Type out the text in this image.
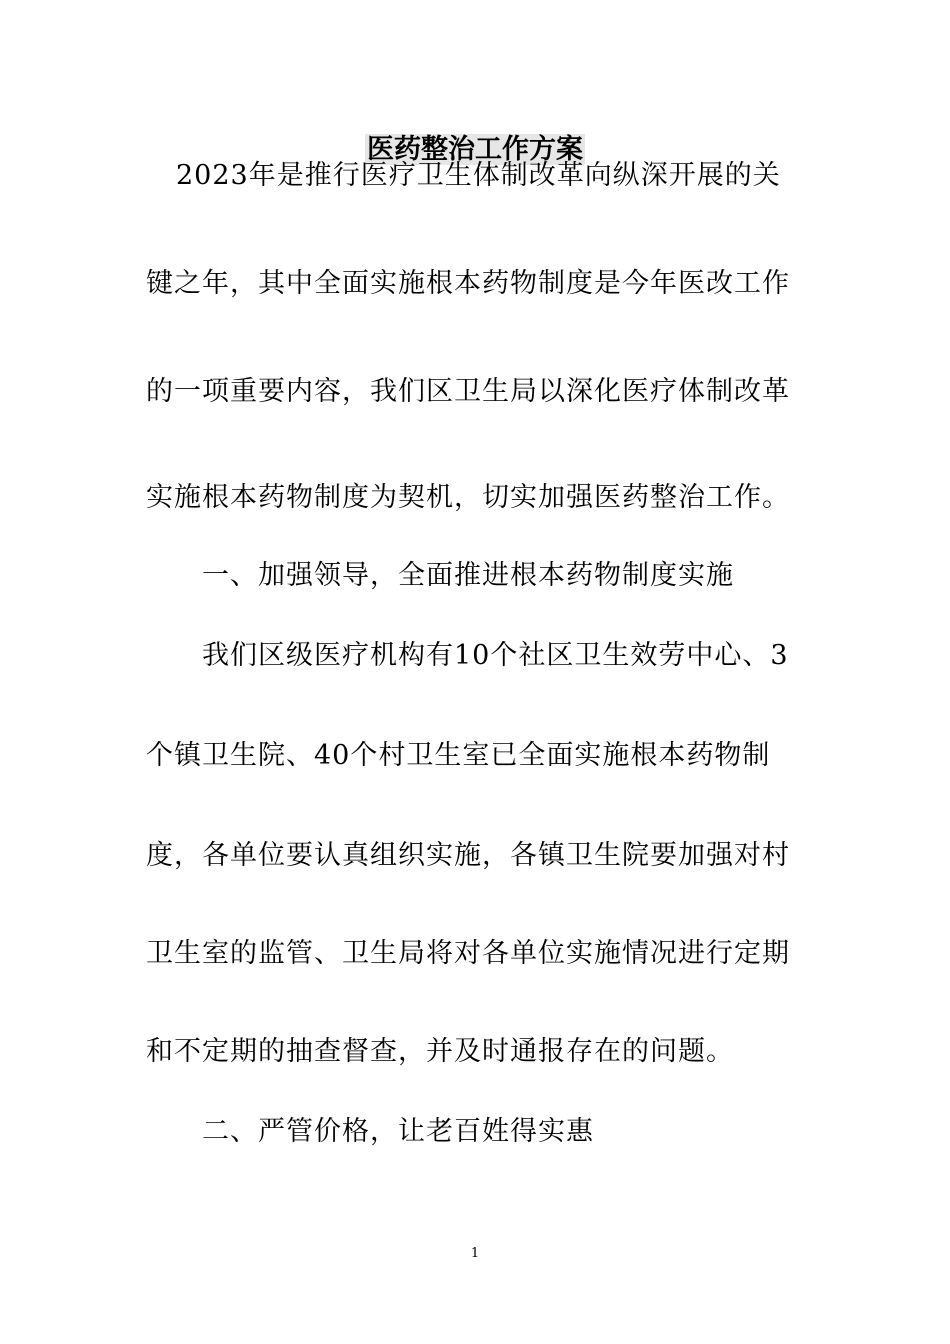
医药整治工作方案
2023年是推行医疗卫生体制改革向纵深开展的关
键之年，其中全面实施根本药物制度是今年医改工作
的一项重要内容，我们区卫生局以深化医疗体制改革
实施根本药物制度为契机，切实加强医药整治工作。
一、加强领导，全面推进根本药物制度实施
我们区级医疗机构有10个社区卫生效劳中心、3
个镇卫生院、40个村卫生室已全面实施根本药物制
度，各单位要认真组织实施，各镇卫生院要加强对村
卫生室的监管、卫生局将对各单位实施情况进行定期
和不定期的抽查督查，并及时通报存在的问题。
二、严管价格，让老百姓得实惠
1
